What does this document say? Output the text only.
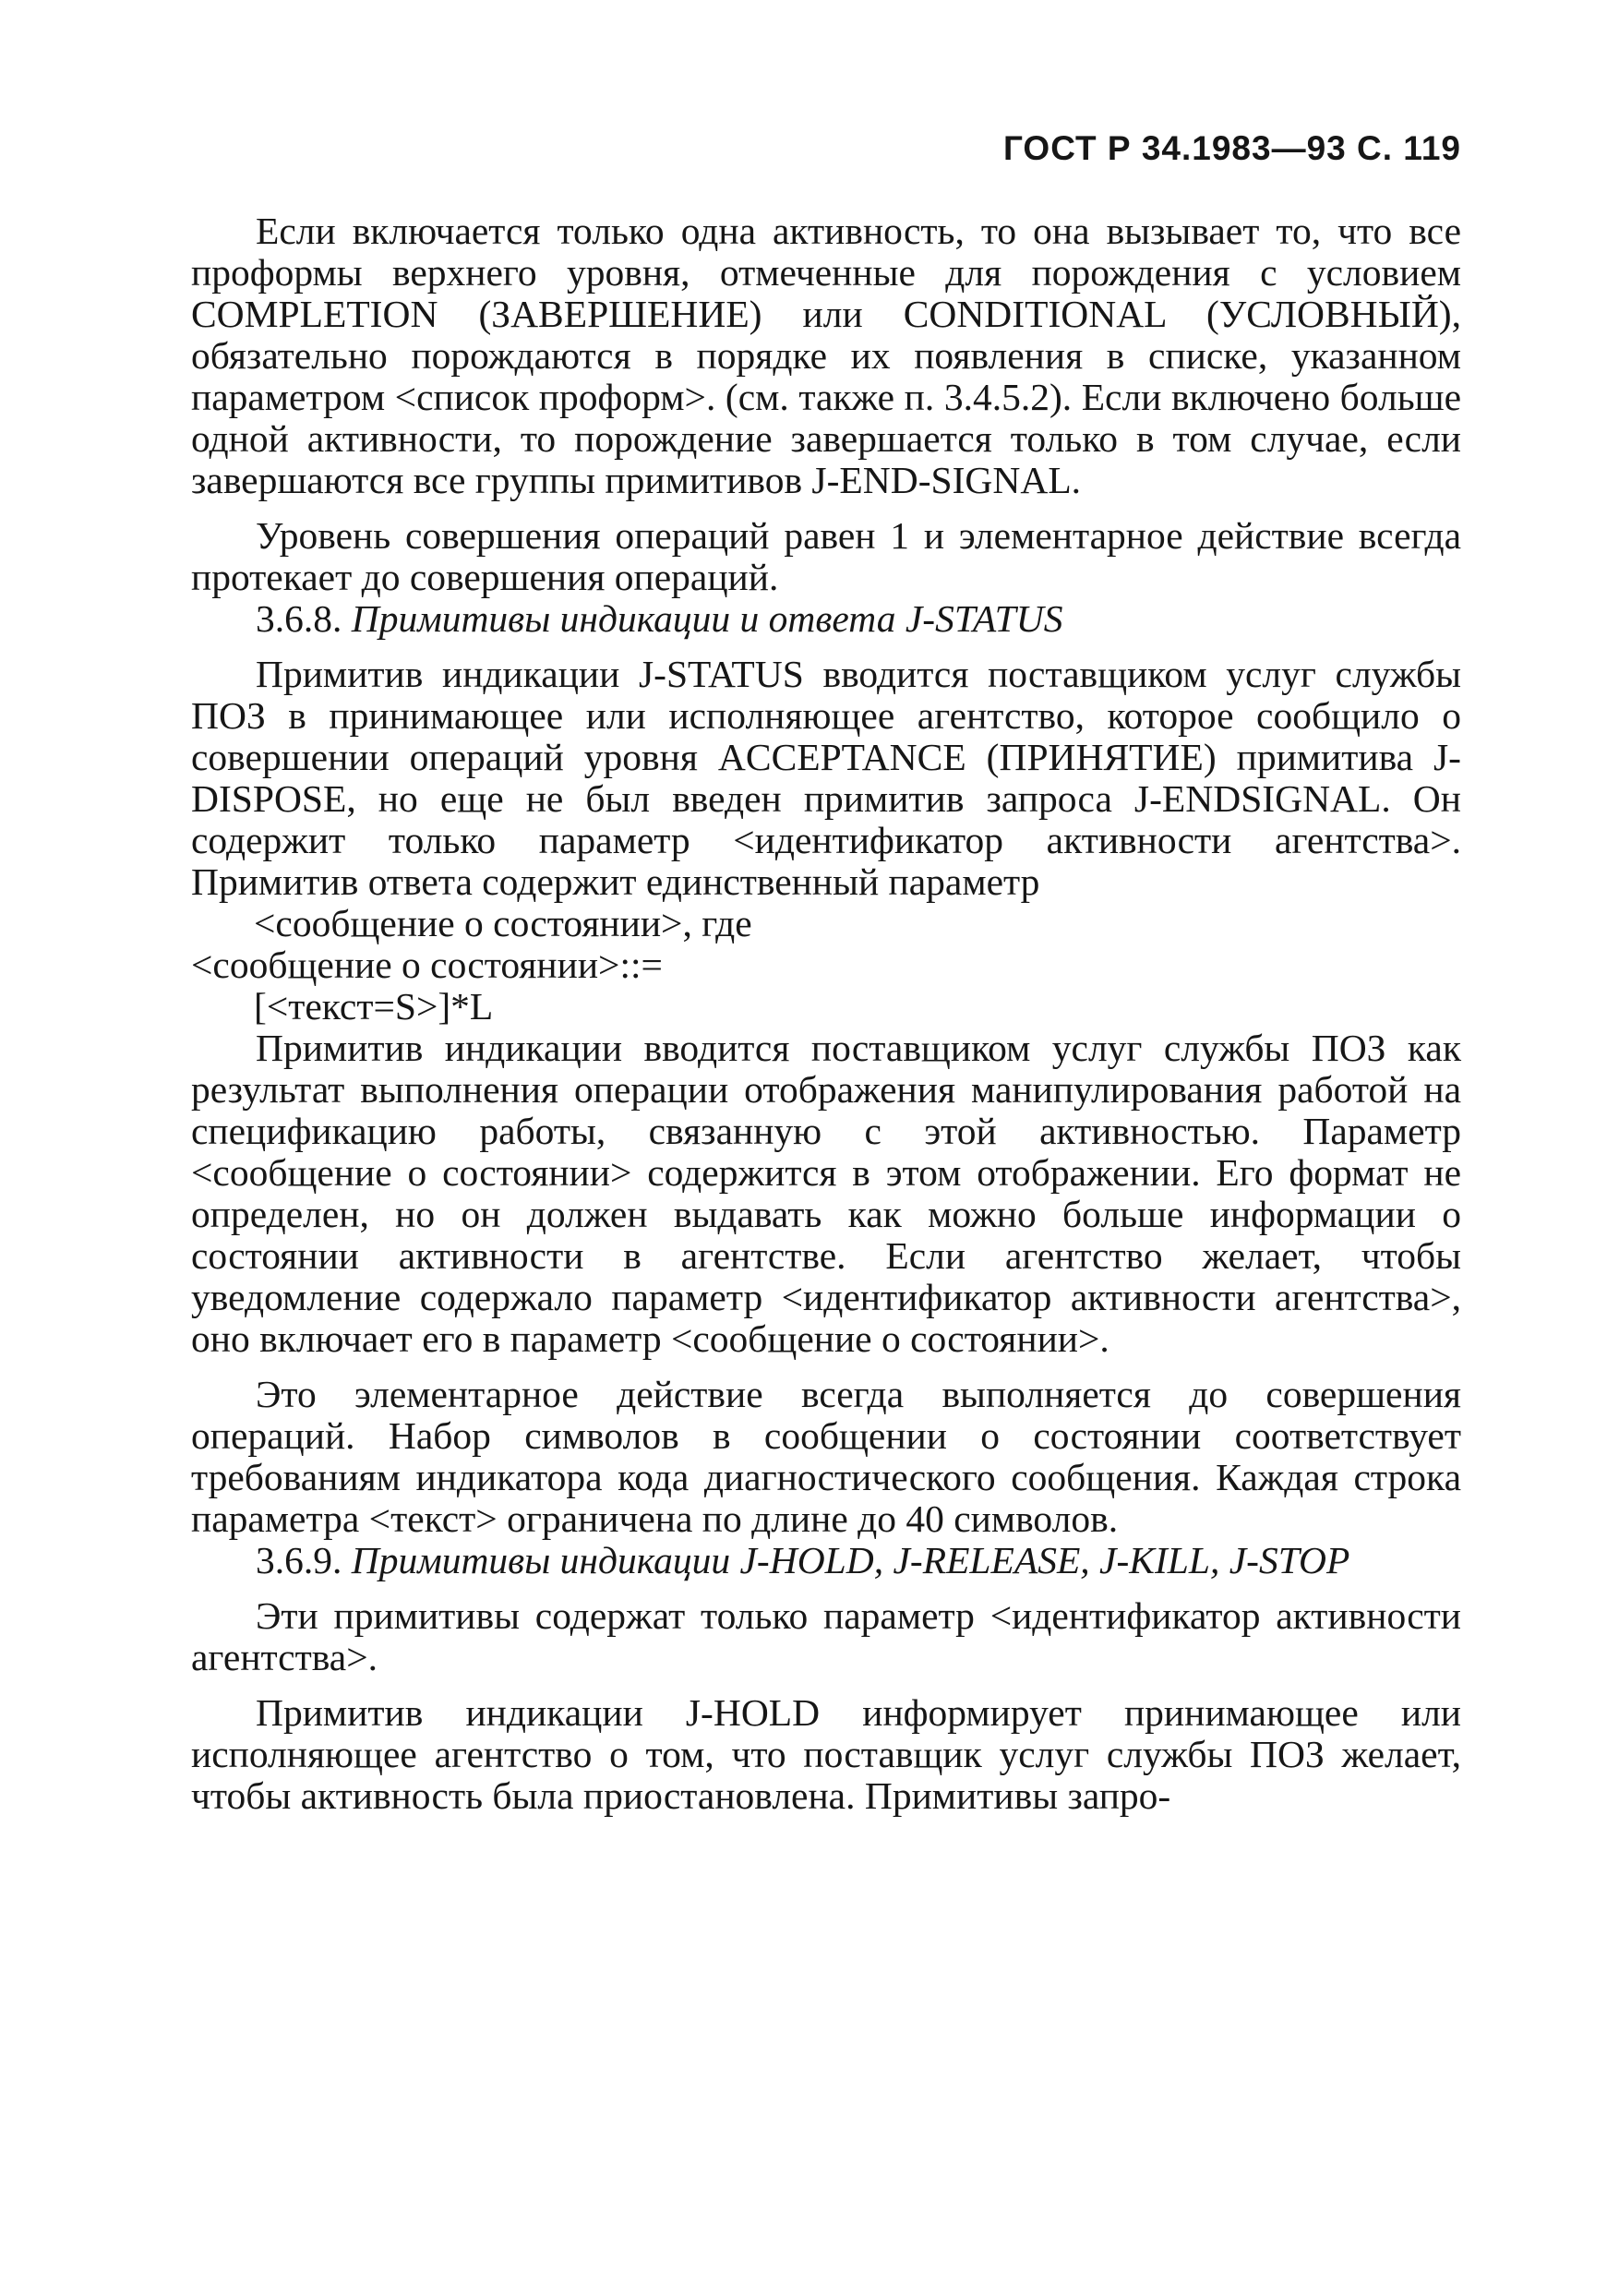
ГОСТ Р 34.1983—93 С. 119

Если включается только одна активность, то она вызывает то, что все проформы верхнего уровня, отмеченные для порождения с условием COMPLETION (ЗАВЕРШЕНИЕ) или CONDITIONAL (УСЛОВНЫЙ), обязательно порождаются в порядке их появления в списке, указанном параметром <список проформ>. (см. также п. 3.4.5.2). Если включено больше одной активности, то порождение завершается только в том случае, если завершаются все группы примитивов J-END-SIGNAL.

Уровень совершения операций равен 1 и элементарное действие всегда протекает до совершения операций.

3.6.8. Примитивы индикации и ответа J-STATUS

Примитив индикации J-STATUS вводится поставщиком услуг службы ПОЗ в принимающее или исполняющее агентство, которое сообщило о совершении операций уровня ACCEPTANCE (ПРИНЯТИЕ) примитива J-DISPOSE, но еще не был введен примитив запроса J-ENDSIGNAL. Он содержит только параметр <идентификатор активности агентства>. Примитив ответа содержит единственный параметр

<сообщение о состоянии>, где

<сообщение о состоянии>::=

[<текст=S>]*L

Примитив индикации вводится поставщиком услуг службы ПОЗ как результат выполнения операции отображения манипулирования работой на спецификацию работы, связанную с этой активностью. Параметр <сообщение о состоянии> содержится в этом отображении. Его формат не определен, но он должен выдавать как можно больше информации о состоянии активности в агентстве. Если агентство желает, чтобы уведомление содержало параметр <идентификатор активности агентства>, оно включает его в параметр <сообщение о состоянии>.

Это элементарное действие всегда выполняется до совершения операций. Набор символов в сообщении о состоянии соответствует требованиям индикатора кода диагностического сообщения. Каждая строка параметра <текст> ограничена по длине до 40 символов.

3.6.9. Примитивы индикации J-HOLD, J-RELEASE, J-KILL, J-STOP

Эти примитивы содержат только параметр <идентификатор активности агентства>.

Примитив индикации J-HOLD информирует принимающее или исполняющее агентство о том, что поставщик услуг службы ПОЗ желает, чтобы активность была приостановлена. Примитивы запро-
